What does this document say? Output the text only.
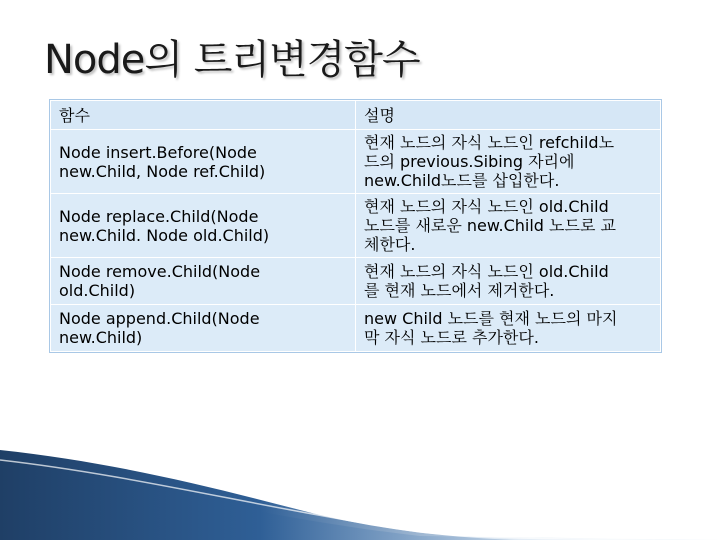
Node의 트리변경함수
함수	설명

Node insert.Before(Node
new.Child, Node ref.Child)	현재 노드의 자식 노드인 refchild노
드의 previous.Sibing 자리에
new.Child노드를 삽입한다.

Node replace.Child(Node
new.Child. Node old.Child)	현재 노드의 자식 노드인 old.Child
노드를 새로운 new.Child 노드로 교
체한다.

Node remove.Child(Node
old.Child)	현재 노드의 자식 노드인 old.Child
를 현재 노드에서 제거한다.

Node append.Child(Node
new.Child)	new Child 노드를 현재 노드의 마지
막 자식 노드로 추가한다.
